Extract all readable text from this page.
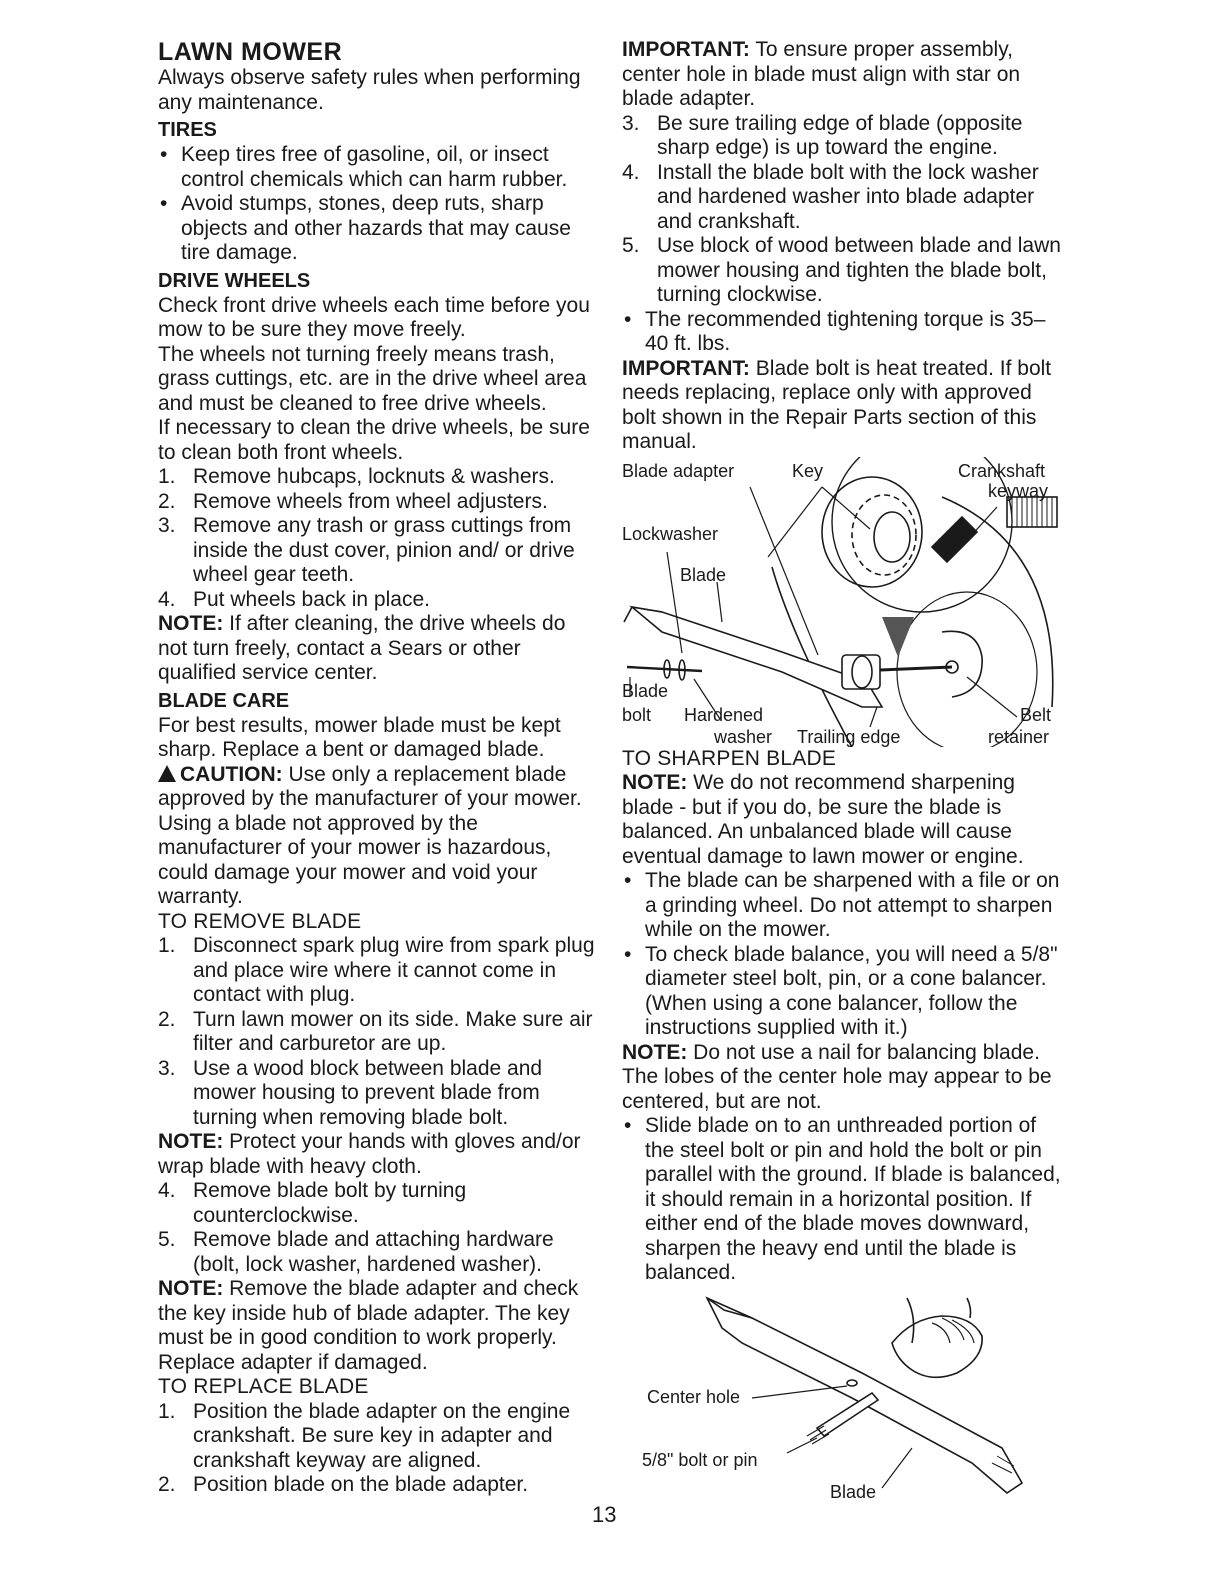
LAWN MOWER

Always observe safety rules when performing any maintenance.

TIRES
• Keep tires free of gasoline, oil, or insect control chemicals which can harm rubber.
• Avoid stumps, stones, deep ruts, sharp objects and other hazards that may cause tire damage.
DRIVE WHEELS

Check front drive wheels each time before you mow to be sure they move freely.

The wheels not turning freely means trash, grass cuttings, etc. are in the drive wheel area and must be cleaned to free drive wheels.

If necessary to clean the drive wheels, be sure to clean both front wheels.

1. Remove hubcaps, locknuts & washers.
2. Remove wheels from wheel adjusters.
3. Remove any trash or grass cuttings from inside the dust cover, pinion and/ or drive wheel gear teeth.
4. Put wheels back in place.

NOTE: If after cleaning, the drive wheels do not turn freely, contact a Sears or other qualified service center.

BLADE CARE

For best results, mower blade must be kept sharp. Replace a bent or damaged blade.

CAUTION: Use only a replacement blade approved by the manufacturer of your mower. Using a blade not approved by the manufacturer of your mower is hazardous, could damage your mower and void your warranty.

TO REMOVE BLADE
1. Disconnect spark plug wire from spark plug and place wire where it cannot come in contact with plug.
2. Turn lawn mower on its side. Make sure air filter and carburetor are up.
3. Use a wood block between blade and mower housing to prevent blade from turning when removing blade bolt.

NOTE: Protect your hands with gloves and/or wrap blade with heavy cloth.

4. Remove blade bolt by turning counterclockwise.
5. Remove blade and attaching hardware (bolt, lock washer, hardened washer).

NOTE: Remove the blade adapter and check the key inside hub of blade adapter. The key must be in good condition to work properly. Replace adapter if damaged.

TO REPLACE BLADE
1. Position the blade adapter on the engine crankshaft. Be sure key in adapter and crankshaft keyway are aligned.
2. Position blade on the blade adapter.

IMPORTANT: To ensure proper assembly, center hole in blade must align with star on blade adapter.

3. Be sure trailing edge of blade (opposite sharp edge) is up toward the engine.
4. Install the blade bolt with the lock washer and hardened washer into blade adapter and crankshaft.
5. Use block of wood between blade and lawn mower housing and tighten the blade bolt, turning clockwise.
• The recommended tightening torque is 35–40 ft. lbs.

IMPORTANT: Blade bolt is heat treated. If bolt needs replacing, replace only with approved bolt shown in the Repair Parts section of this manual.

Blade adapter	Key	Crankshaft
keyway
Lockwasher
Blade
Blade
bolt Hardened
washer Trailing edge
Belt
retainer
TO SHARPEN BLADE

NOTE: We do not recommend sharpening blade - but if you do, be sure the blade is balanced. An unbalanced blade will cause eventual damage to lawn mower or engine.

• The blade can be sharpened with a file or on a grinding wheel. Do not attempt to sharpen while on the mower.
• To check blade balance, you will need a 5/8" diameter steel bolt, pin, or a cone balancer. (When using a cone balancer, follow the instructions supplied with it.)

NOTE: Do not use a nail for balancing blade. The lobes of the center hole may appear to be centered, but are not.

• Slide blade on to an unthreaded portion of the steel bolt or pin and hold the bolt or pin parallel with the ground. If blade is balanced, it should remain in a horizontal position. If either end of the blade moves downward, sharpen the heavy end until the blade is balanced.
Center hole
5/8" bolt or pin
Blade
13
